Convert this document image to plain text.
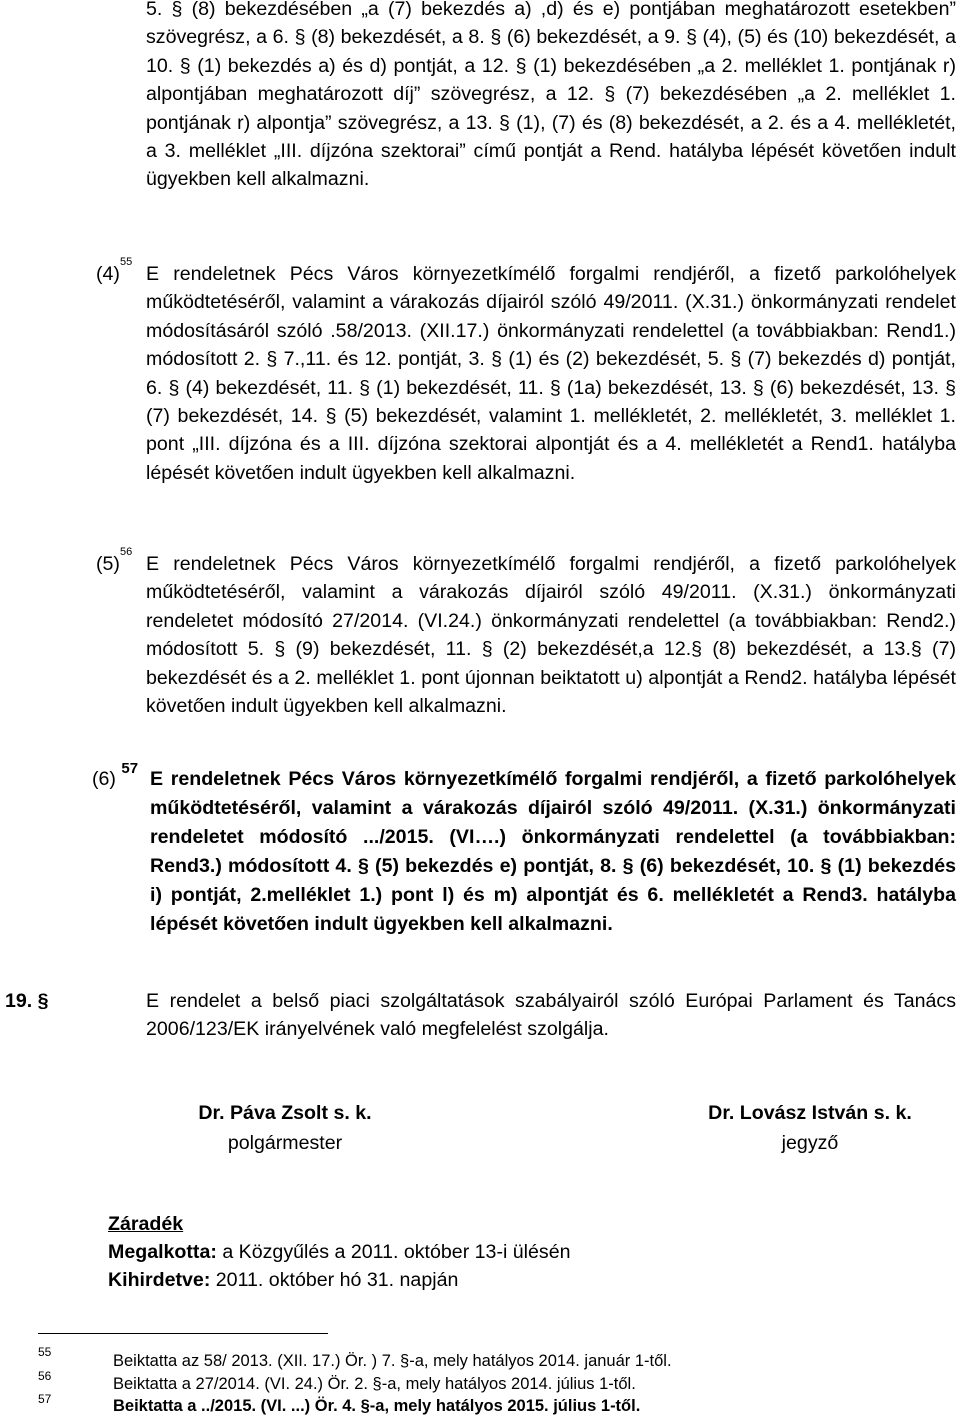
5. § (8) bekezdésében „a (7) bekezdés a) ,d) és e) pontjában meghatározott esetekben” szövegrész, a 6. § (8) bekezdését, a 8. § (6) bekezdését, a 9. § (4), (5) és (10) bekezdését, a 10. § (1) bekezdés a) és d) pontját, a 12. § (1) bekezdésében „a 2. melléklet 1. pontjának r) alpontjában meghatározott díj” szövegrész, a 12. § (7) bekezdésében „a 2. melléklet 1. pontjának r) alpontja” szövegrész, a 13. § (1), (7) és (8) bekezdését, a 2. és a 4. mellékletét, a 3. melléklet „III. díjzóna szektorai” című pontját a Rend. hatályba lépését követően indult ügyekben kell alkalmazni.
(4)$^{55}$
E rendeletnek Pécs Város környezetkímélő forgalmi rendjéről, a fizető parkolóhelyek működtetéséről, valamint a várakozás díjairól szóló 49/2011. (X.31.) önkormányzati rendelet módosításáról szóló .58/2013. (XII.17.) önkormányzati rendelettel (a továbbiakban: Rend1.) módosított 2. § 7.,11. és 12. pontját, 3. § (1) és (2) bekezdését, 5. § (7) bekezdés d) pontját, 6. § (4) bekezdését, 11. § (1) bekezdését, 11. § (1a) bekezdését, 13. § (6) bekezdését, 13. § (7) bekezdését, 14. § (5) bekezdését, valamint 1. mellékletét, 2. mellékletét, 3. melléklet 1. pont „III. díjzóna és a III. díjzóna szektorai alpontját és a 4. mellékletét a Rend1. hatályba lépését követően indult ügyekben kell alkalmazni.
(5)$^{56}$
E rendeletnek Pécs Város környezetkímélő forgalmi rendjéről, a fizető parkolóhelyek működtetéséről, valamint a várakozás díjairól szóló 49/2011. (X.31.) önkormányzati rendeletet módosító 27/2014. (VI.24.) önkormányzati rendelettel (a továbbiakban: Rend2.) módosított 5. § (9) bekezdését, 11. § (2) bekezdését,a 12.§ (8) bekezdését, a 13.§ (7) bekezdését és a 2. melléklet 1. pont újonnan beiktatott u) alpontját a Rend2. hatályba lépését követően indult ügyekben kell alkalmazni.
(6) $^{57}$ E rendeletnek Pécs Város környezetkímélő forgalmi rendjéről, a fizető parkolóhelyek működtetéséről, valamint a várakozás díjairól szóló 49/2011. (X.31.) önkormányzati rendeletet módosító .../2015. (VI….) önkormányzati rendelettel (a továbbiakban: Rend3.) módosított 4. § (5) bekezdés e) pontját, 8. § (6) bekezdését, 10. § (1) bekezdés i) pontját, 2.melléklet 1.) pont l) és m) alpontját és 6. mellékletét a Rend3. hatályba lépését követően indult ügyekben kell alkalmazni.
19. §	E rendelet a belső piaci szolgáltatások szabályairól szóló Európai Parlament és Tanács 2006/123/EK irányelvének való megfelelést szolgálja.
Dr. Páva Zsolt s. k.
polgármester
Dr. Lovász István s. k.
jegyző
Záradék
Megalkotta: a Közgyűlés a 2011. október 13-i ülésén
Kihirdetve: 2011. október hó 31. napján
55	Beiktatta az 58/ 2013. (XII. 17.) Ör. ) 7. §-a, mely hatályos 2014. január 1-től.
56	Beiktatta a 27/2014. (VI. 24.) Ör. 2. §-a, mely hatályos 2014. július 1-től.
57	Beiktatta a ../2015. (VI. ...) Ör. 4. §-a, mely hatályos 2015. július 1-től.
